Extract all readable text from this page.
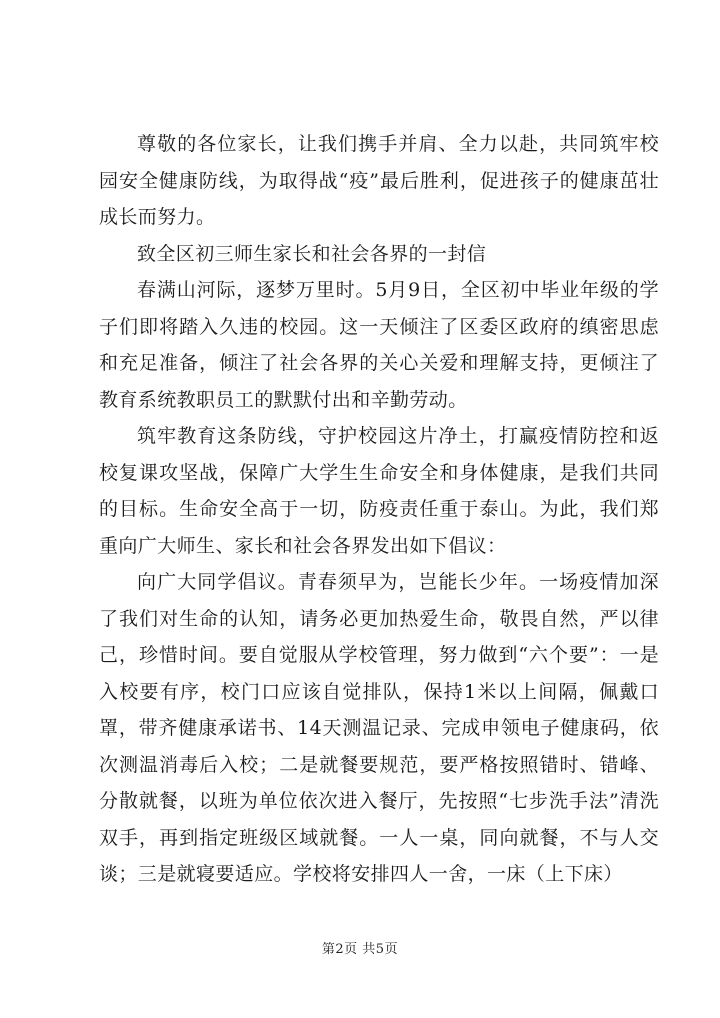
尊敬的各位家长，让我们携手并肩、全力以赴，共同筑牢校园安全健康防线，为取得战“疫”最后胜利，促进孩子的健康茁壮成长而努力。

致全区初三师生家长和社会各界的一封信

春满山河际，逐梦万里时。5月9日，全区初中毕业年级的学子们即将踏入久违的校园。这一天倾注了区委区政府的缜密思虑和充足准备，倾注了社会各界的关心关爱和理解支持，更倾注了教育系统教职员工的默默付出和辛勤劳动。

筑牢教育这条防线，守护校园这片净土，打赢疫情防控和返校复课攻坚战，保障广大学生生命安全和身体健康，是我们共同的目标。生命安全高于一切，防疫责任重于泰山。为此，我们郑重向广大师生、家长和社会各界发出如下倡议：

向广大同学倡议。青春须早为，岂能长少年。一场疫情加深了我们对生命的认知，请务必更加热爱生命，敬畏自然，严以律己，珍惜时间。要自觉服从学校管理，努力做到“六个要”：一是入校要有序，校门口应该自觉排队，保持1米以上间隔，佩戴口罩，带齐健康承诺书、14天测温记录、完成申领电子健康码，依次测温消毒后入校；二是就餐要规范，要严格按照错时、错峰、分散就餐，以班为单位依次进入餐厅，先按照“七步洗手法”清洗双手，再到指定班级区域就餐。一人一桌，同向就餐，不与人交谈；三是就寝要适应。学校将安排四人一舍，一床（上下床）

第2页 共5页
